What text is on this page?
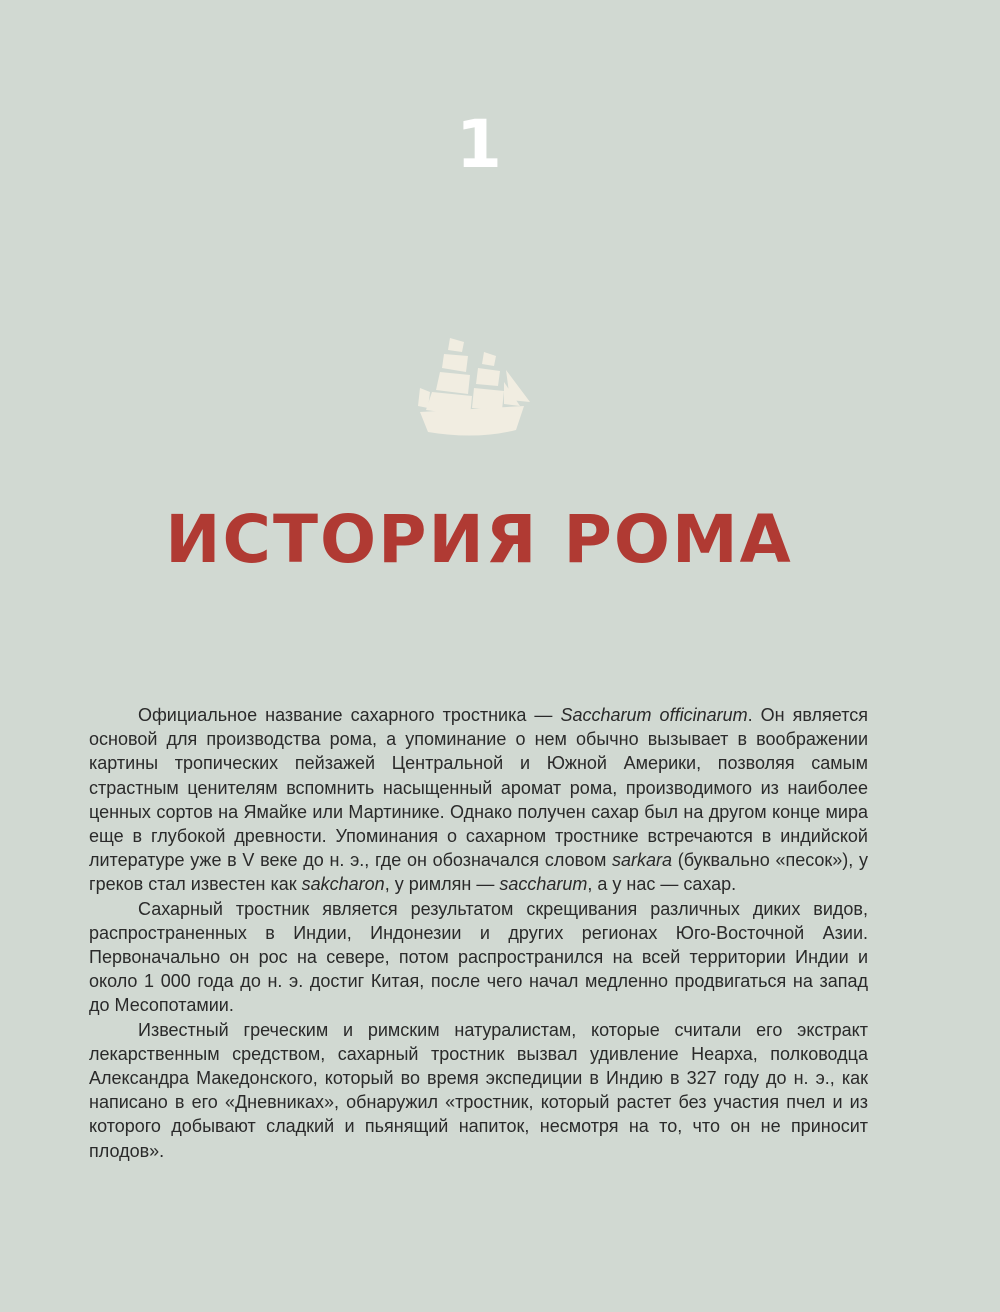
1
ИСТОРИЯ РОМА

Официальное название сахарного тростника — Saccharum officinarum. Он является основой для производства рома, а упоминание о нем обычно вызывает в воображении картины тропических пейзажей Центральной и Южной Америки, позволяя самым страстным ценителям вспомнить насыщенный аромат рома, производимого из наиболее ценных сортов на Ямайке или Мартинике. Однако получен сахар был на другом конце мира еще в глубокой древности. Упоминания о сахарном тростнике встречаются в индийской литературе уже в V веке до н. э., где он обозначался словом sarkara (буквально «песок»), у греков стал известен как sakcharon, у римлян — saccharum, а у нас — сахар.

Сахарный тростник является результатом скрещивания различных диких видов, распространенных в Индии, Индонезии и других регионах Юго-Восточной Азии. Первоначально он рос на севере, потом распространился на всей территории Индии и около 1 000 года до н. э. достиг Китая, после чего начал медленно продвигаться на запад до Месопотамии.

Известный греческим и римским натуралистам, которые считали его экстракт лекарственным средством, сахарный тростник вызвал удивление Неарха, полководца Александра Македонского, который во время экспедиции в Индию в 327 году до н. э., как написано в его «Дневниках», обнаружил «тростник, который растет без участия пчел и из которого добывают сладкий и пьянящий напиток, несмотря на то, что он не приносит плодов».
